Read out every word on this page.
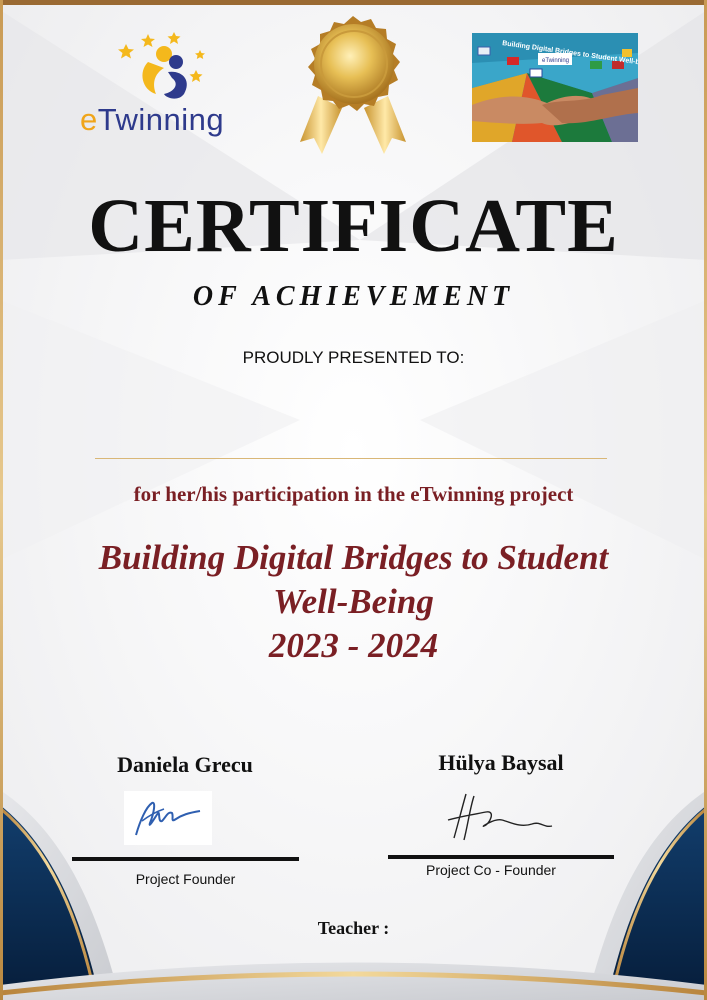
eTwinning
Building Digital Bridges to Student Well-being.
eTwinning
CERTIFICATE
OF ACHIEVEMENT
PROUDLY PRESENTED TO:
for her/his participation in the eTwinning project
Building Digital Bridges to Student
Well-Being
2023 - 2024
Daniela Grecu
Project Founder
Hülya Baysal
Project Co - Founder
Teacher :
